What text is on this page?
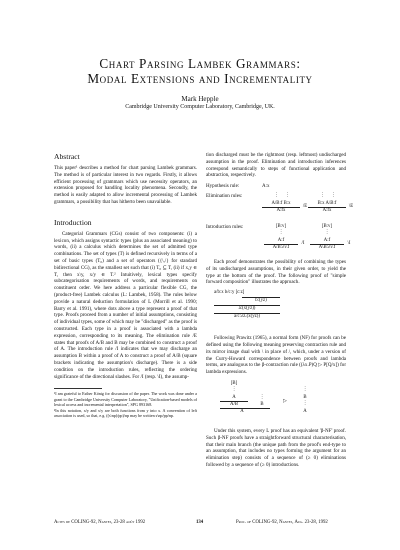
Chart Parsing Lambek Grammars:
Modal Extensions and Incrementality
Mark Hepple
Cambridge University Computer Laboratory, Cambridge, UK.
Abstract

This paper¹ describes a method for chart parsing Lambek grammars. The method is of particular interest in two regards. Firstly, it allows efficient processing of grammars which use necessity operators, an extension proposed for handling locality phenomena. Secondly, the method is easily adapted to allow incremental processing of Lambek grammars, a possibility that has hitherto been unavailable.

Introduction

Categorial Grammars (CGs) consist of two components: (i) a lexicon, which assigns syntactic types (plus an associated meaning) to words, (ii) a calculus which determines the set of admitted type combinations. The set of types (T) is defined recursively in terms of a set of basic types (T₀) and a set of operators ({\,/} for standard bidirectional CG), as the smallest set such that (i) T₀ ⊆ T, (ii) if x,y ∈ T, then x\y, x/y ∈ T.² Intuitively, lexical types specify subcategorisation requirements of words, and requirements on constituent order. We here address a particular flexible CG, the (product-free) Lambek calculus (L: Lambek, 1958). The rules below provide a natural deduction formulation of L (Morrill et al. 1990; Barry et al. 1991), where dots above a type represent a proof of that type. Proofs proceed from a number of initial assumptions, consisting of individual types, some of which may be "discharged" as the proof is constructed. Each type in a proof is associated with a lambda expression, corresponding to its meaning. The elimination rule /E states that proofs of A/B and B may be combined to construct a proof of A. The introduction rule /I indicates that we may discharge an assumption B within a proof of A to construct a proof of A/B (square brackets indicating the assumption's discharge). There is a side condition on the introduction rules, reflecting the ordering significance of the directional slashes. For /I (resp. \I), the assump-

¹I am grateful to Esther König for discussion of the paper. The work was done under a grant to the Cambridge University Computer Laboratory, "Unification-based models of lexical access and incremental interpretation", SPG 893168.

²In this notation, x/y and x\y are both functions from y into x. A convention of left association is used, so that, e.g. ((s\np)/pp)/np may be written s\np/pp/np.

tion discharged must be the rightmost (resp. leftmost) undischarged assumption in the proof. Elimination and introduction inferences correspond semantically to steps of functional application and abstraction, respectively.

Hypothesis rule:	A:x
Elimination rules:	⋮     ⋮
A/B:f B:x
/E
A:fx
⋮     ⋮
B:x A\B:f
\E
A:fx
Introduction rules:	[B:v]
⋮
A:f
/I
A/B:λv.f
[B:v]
⋮
A:f
\I
A\B:λv.f

Each proof demonstrates the possibility of combining the types of its undischarged assumptions, in their given order, to yield the type at the bottom of the proof. The following proof of "simple forward composition" illustrates the approach.

a/b:x b/c:y [c:z]
b:(yz)
a:(x(yz))
a/c:λz.(x(yz))

Following Prawitz (1965), a normal form (NF) for proofs can be defined using the following meaning preserving contraction rule and its mirror image dual with \ in place of /, which, under a version of the Curry-Howard correspondence between proofs and lambda terms, are analogous to the β-contraction rule ((λx.P)Q ▷ P[Q/x]) for lambda expressions.

[B]
⋮
A
A/B
⋮
B
A
▷
⋮
B
⋮
A

Under this system, every L proof has an equivalent 'β-NF' proof. Such β-NF proofs have a straightforward structural characterisation, that their main branch (the unique path from the proof's end-type to an assumption, that includes no types forming the argument for an elimination step) consists of a sequence of (≥ 0) eliminations followed by a sequence of (≥ 0) introductions.

Actes de COLING-92, Nantes, 23-28 août 1992	134	Proc. of COLING-92, Nantes, Aug. 23-28, 1992
